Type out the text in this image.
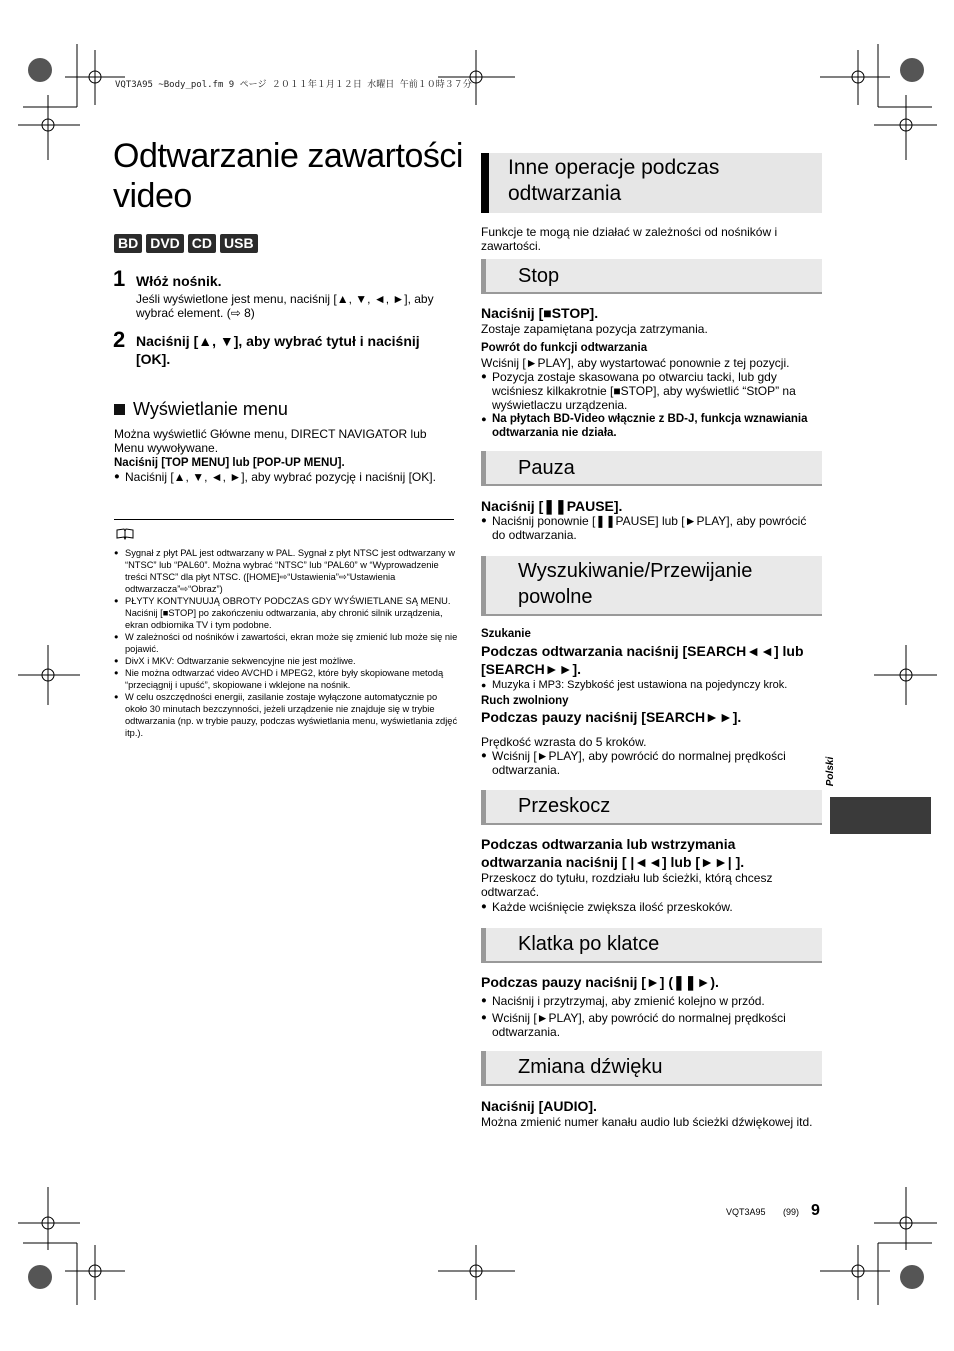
VQT3A95 ~Body_pol.fm 9 ページ ２０１１年１月１２日 水曜日 午前１０時３７分
Odtwarzanie zawartości video
BD DVD CD USB
1 Włóż nośnik.
Jeśli wyświetlone jest menu, naciśnij [▲, ▼, ◄, ►], aby wybrać element. (⇨ 8)
2 Naciśnij [▲, ▼], aby wybrać tytuł i naciśnij [OK].
Wyświetlanie menu
Można wyświetlić Główne menu, DIRECT NAVIGATOR lub Menu wywoływane.
Naciśnij [TOP MENU] lub [POP-UP MENU].
● Naciśnij [▲, ▼, ◄, ►], aby wybrać pozycję i naciśnij [OK].
● Sygnał z płyt PAL jest odtwarzany w PAL. Sygnał z płyt NTSC jest odtwarzany w “NTSC” lub “PAL60”. Można wybrać “NTSC” lub “PAL60” w “Wyprowadzenie treści NTSC” dla płyt NTSC. ([HOME]⇨“Ustawienia”⇨“Ustawienia odtwarzacza”⇨“Obraz”)
● PŁYTY KONTYNUUJĄ OBROTY PODCZAS GDY WYŚWIETLANE SĄ MENU. Naciśnij [■STOP] po zakończeniu odtwarzania, aby chronić silnik urządzenia, ekran odbiornika TV i tym podobne.
● W zależności od nośników i zawartości, ekran może się zmienić lub może się nie pojawić.
● DivX i MKV: Odtwarzanie sekwencyjne nie jest możliwe.
● Nie można odtwarzać video AVCHD i MPEG2, które były skopiowane metodą “przeciągnij i upuść”, skopiowane i wklejone na nośnik.
● W celu oszczędności energii, zasilanie zostaje wyłączone automatycznie po około 30 minutach bezczynności, jeżeli urządzenie nie znajduje się w trybie odtwarzania (np. w trybie pauzy, podczas wyświetlania menu, wyświetlania zdjęć itp.).
Inne operacje podczas odtwarzania
Funkcje te mogą nie działać w zależności od nośników i zawartości.
Stop
Naciśnij [■STOP].
Zostaje zapamiętana pozycja zatrzymania.
Powrót do funkcji odtwarzania
Wciśnij [►PLAY], aby wystartować ponownie z tej pozycji.
● Pozycja zostaje skasowana po otwarciu tacki, lub gdy wciśniesz kilkakrotnie [■STOP], aby wyświetlić “StOP” na wyświetlaczu urządzenia.
● Na płytach BD-Video włącznie z BD-J, funkcja wznawiania odtwarzania nie działa.
Pauza
Naciśnij [❚❚PAUSE].
● Naciśnij ponownie [❚❚PAUSE] lub [►PLAY], aby powrócić do odtwarzania.
Wyszukiwanie/Przewijanie powolne
Szukanie
Podczas odtwarzania naciśnij [SEARCH◄◄] lub [SEARCH►►].
● Muzyka i MP3: Szybkość jest ustawiona na pojedynczy krok.
Ruch zwolniony
Podczas pauzy naciśnij [SEARCH►►].
Prędkość wzrasta do 5 kroków.
● Wciśnij [►PLAY], aby powrócić do normalnej prędkości odtwarzania.
Przeskocz
Podczas odtwarzania lub wstrzymania odtwarzania naciśnij [ |◄◄] lub [►►| ].
Przeskocz do tytułu, rozdziału lub ścieżki, którą chcesz odtwarzać.
● Każde wciśnięcie zwiększa ilość przeskoków.
Klatka po klatce
Podczas pauzy naciśnij [►] (❚❚►).
● Naciśnij i przytrzymaj, aby zmienić kolejno w przód.
● Wciśnij [►PLAY], aby powrócić do normalnej prędkości odtwarzania.
Zmiana dźwięku
Naciśnij [AUDIO].
Można zmienić numer kanału audio lub ścieżki dźwiękowej itd.
Polski
VQT3A95 (99) 9
